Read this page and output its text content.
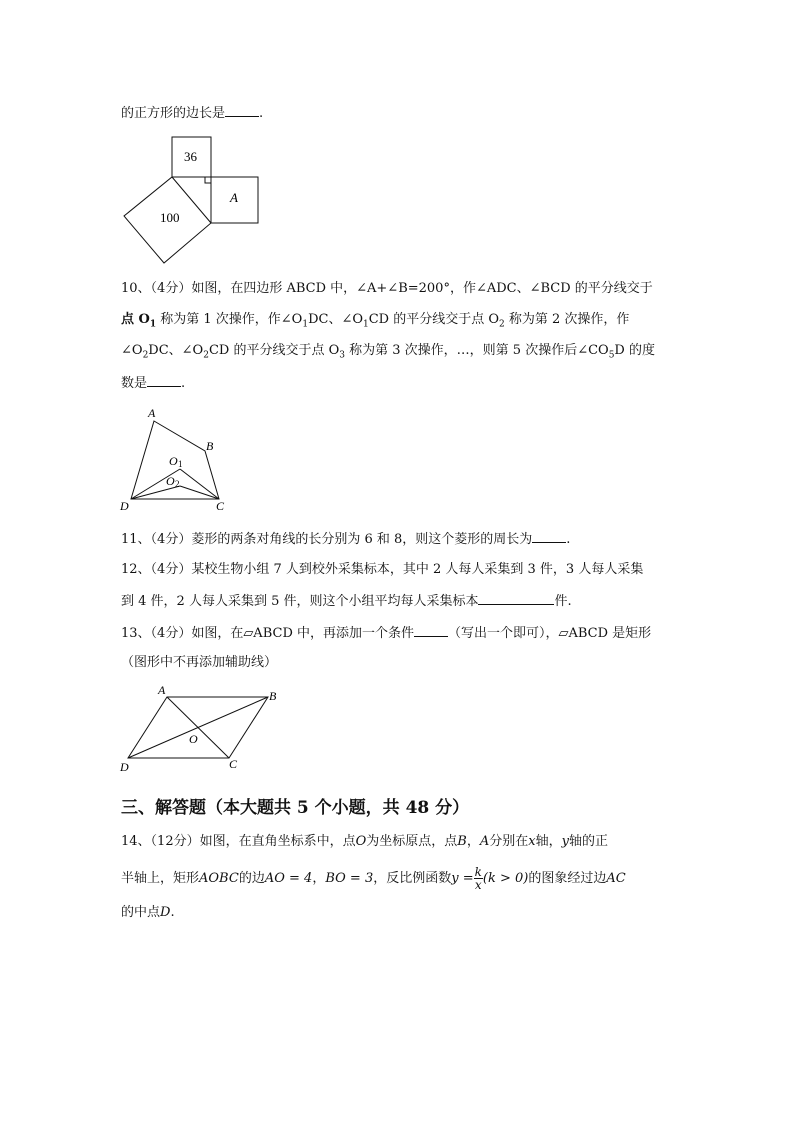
的正方形的边长是	.
36
100
A
10、（4分）如图，在四边形 ABCD 中，∠A+∠B=200°，作∠ADC、∠BCD 的平分线交于
点 $O_1$ 称为第 1 次操作，作$\angle O_1DC$、$\angle O_1CD$ 的平分线交于点 $O_2$ 称为第 2 次操作，作
$\angle O_2DC$、$\angle O_2CD$ 的平分线交于点 $O_3$ 称为第 3 次操作，…，则第 5 次操作后$\angle CO_5D$ 的度
数是	.
A
B
C
D
O 1
O 2
11、（4分）菱形的两条对角线的长分别为 6 和 8，则这个菱形的周长为	.
12、（4分）某校生物小组 7 人到校外采集标本，其中 2 人每人采集到 3 件，3 人每人采集
到 4 件，2 人每人采集到 5 件，则这个小组平均每人采集标本	件.
13、（4分）如图，在▱ABCD 中，再添加一个条件	（写出一个即可），▱ABCD 是矩形
（图形中不再添加辅助线）
A	B
C
D
O
三、解答题（本大题共 5 个小题，共 48 分）
14、（12分）如图，在直角坐标系中，点O为坐标原点，点B，A分别在x轴，y轴的正
半轴上，矩形AOBC的边AO = 4，BO = 3，反比例函数$y = \frac{k}{x} (k > 0)$的图象经过边AC
的中点D.
